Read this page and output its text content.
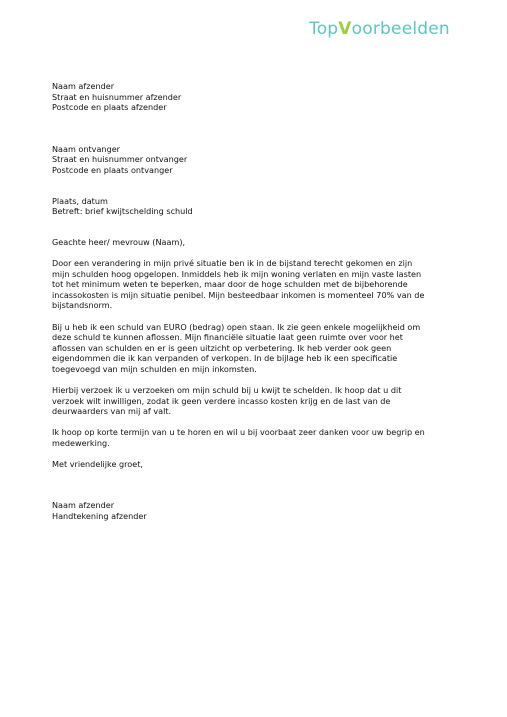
TopVoorbeelden
Naam afzender
Straat en huisnummer afzender
Postcode en plaats afzender
Naam ontvanger
Straat en huisnummer ontvanger
Postcode en plaats ontvanger
Plaats, datum
Betreft: brief kwijtschelding schuld

Geachte heer/ mevrouw (Naam),

Door een verandering in mijn privé situatie ben ik in de bijstand terecht gekomen en zijn
mijn schulden hoog opgelopen. Inmiddels heb ik mijn woning verlaten en mijn vaste lasten
tot het minimum weten te beperken, maar door de hoge schulden met de bijbehorende
incassokosten is mijn situatie penibel. Mijn besteedbaar inkomen is momenteel 70% van de
bijstandsnorm.

Bij u heb ik een schuld van EURO (bedrag) open staan. Ik zie geen enkele mogelijkheid om
deze schuld te kunnen aflossen. Mijn financiële situatie laat geen ruimte over voor het
aflossen van schulden en er is geen uitzicht op verbetering. Ik heb verder ook geen
eigendommen die ik kan verpanden of verkopen. In de bijlage heb ik een specificatie
toegevoegd van mijn schulden en mijn inkomsten.

Hierbij verzoek ik u verzoeken om mijn schuld bij u kwijt te schelden. Ik hoop dat u dit
verzoek wilt inwilligen, zodat ik geen verdere incasso kosten krijg en de last van de
deurwaarders van mij af valt.

Ik hoop op korte termijn van u te horen en wil u bij voorbaat zeer danken voor uw begrip en
medewerking.

Met vriendelijke groet,

Naam afzender
Handtekening afzender
